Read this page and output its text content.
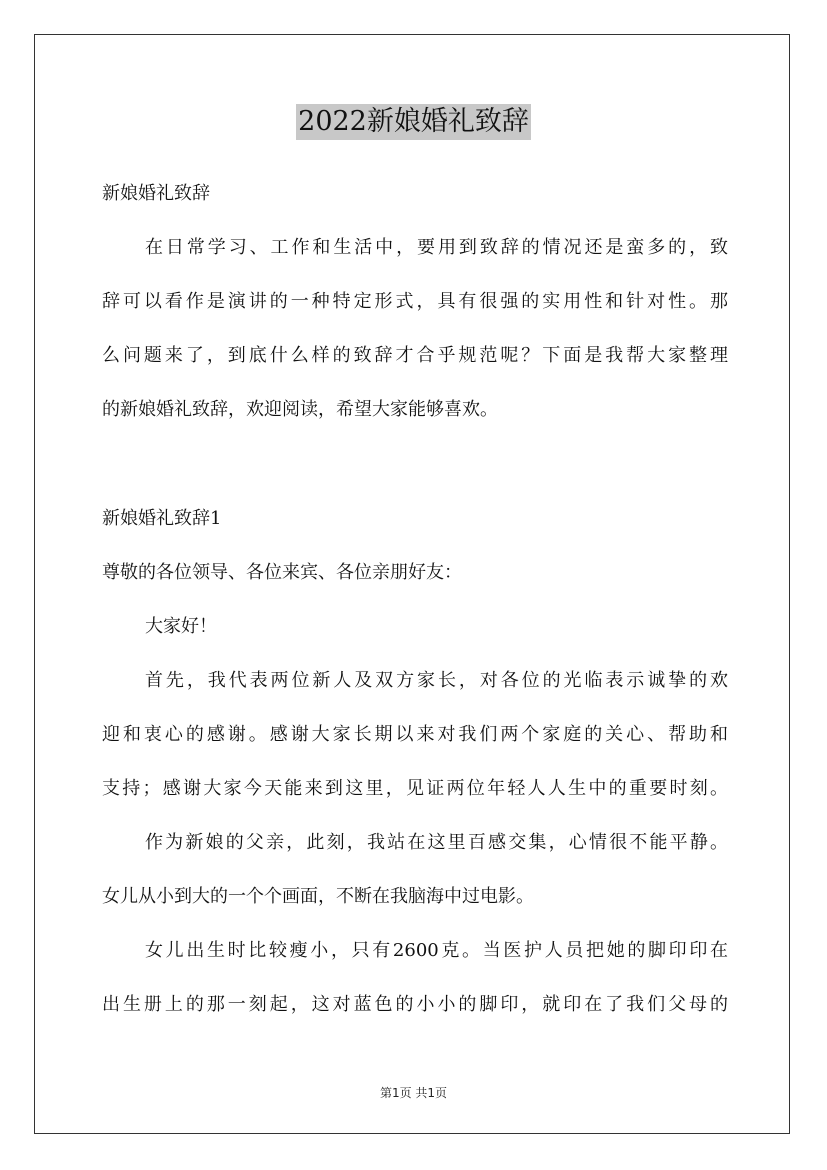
2022新娘婚礼致辞
新娘婚礼致辞
在日常学习、工作和生活中，要用到致辞的情况还是蛮多的，致
辞可以看作是演讲的一种特定形式，具有很强的实用性和针对性。那
么问题来了，到底什么样的致辞才合乎规范呢？下面是我帮大家整理
的新娘婚礼致辞，欢迎阅读，希望大家能够喜欢。
新娘婚礼致辞1
尊敬的各位领导、各位来宾、各位亲朋好友：
大家好！
首先，我代表两位新人及双方家长，对各位的光临表示诚挚的欢
迎和衷心的感谢。感谢大家长期以来对我们两个家庭的关心、帮助和
支持；感谢大家今天能来到这里，见证两位年轻人人生中的重要时刻。
作为新娘的父亲，此刻，我站在这里百感交集，心情很不能平静。
女儿从小到大的一个个画面，不断在我脑海中过电影。
女儿出生时比较瘦小，只有2600克。当医护人员把她的脚印印在
出生册上的那一刻起，这对蓝色的小小的脚印，就印在了我们父母的
第1页 共1页
